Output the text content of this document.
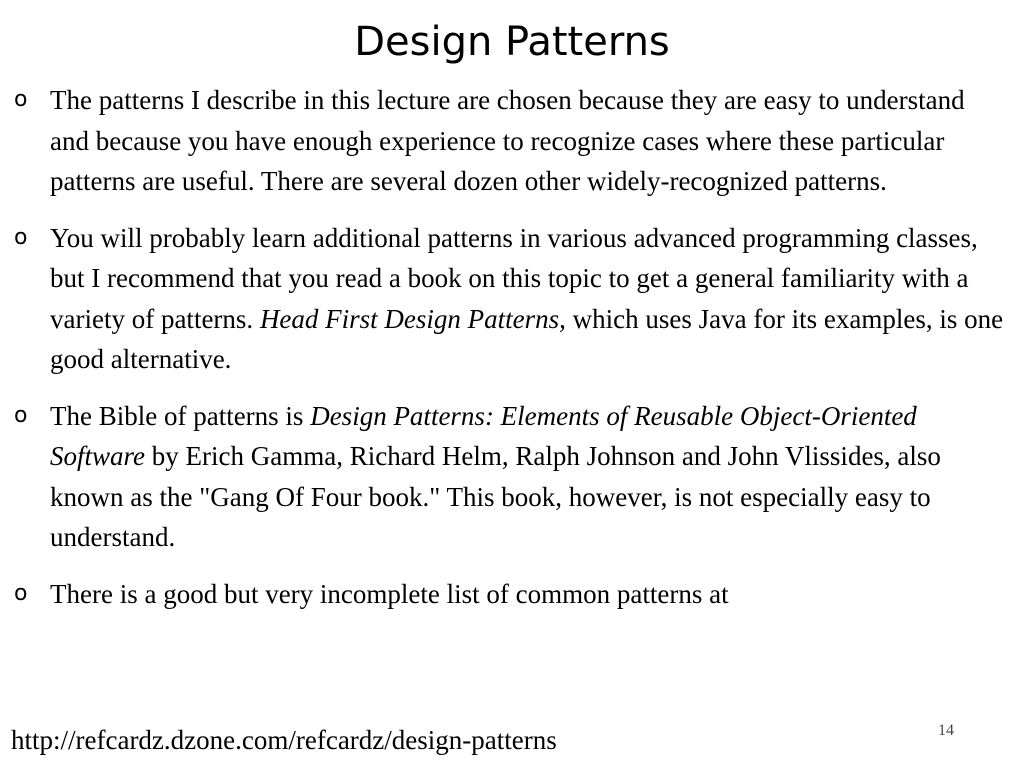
Design Patterns
o The patterns I describe in this lecture are chosen because they are easy to understand and because you have enough experience to recognize cases where these particular patterns are useful. There are several dozen other widely-recognized patterns.
o You will probably learn additional patterns in various advanced programming classes, but I recommend that you read a book on this topic to get a general familiarity with a variety of patterns. Head First Design Patterns, which uses Java for its examples, is one good alternative.
o The Bible of patterns is Design Patterns: Elements of Reusable Object-Oriented Software by Erich Gamma, Richard Helm, Ralph Johnson and John Vlissides, also known as the "Gang Of Four book." This book, however, is not especially easy to understand.
o There is a good but very incomplete list of common patterns at
http://refcardz.dzone.com/refcardz/design-patterns	14
